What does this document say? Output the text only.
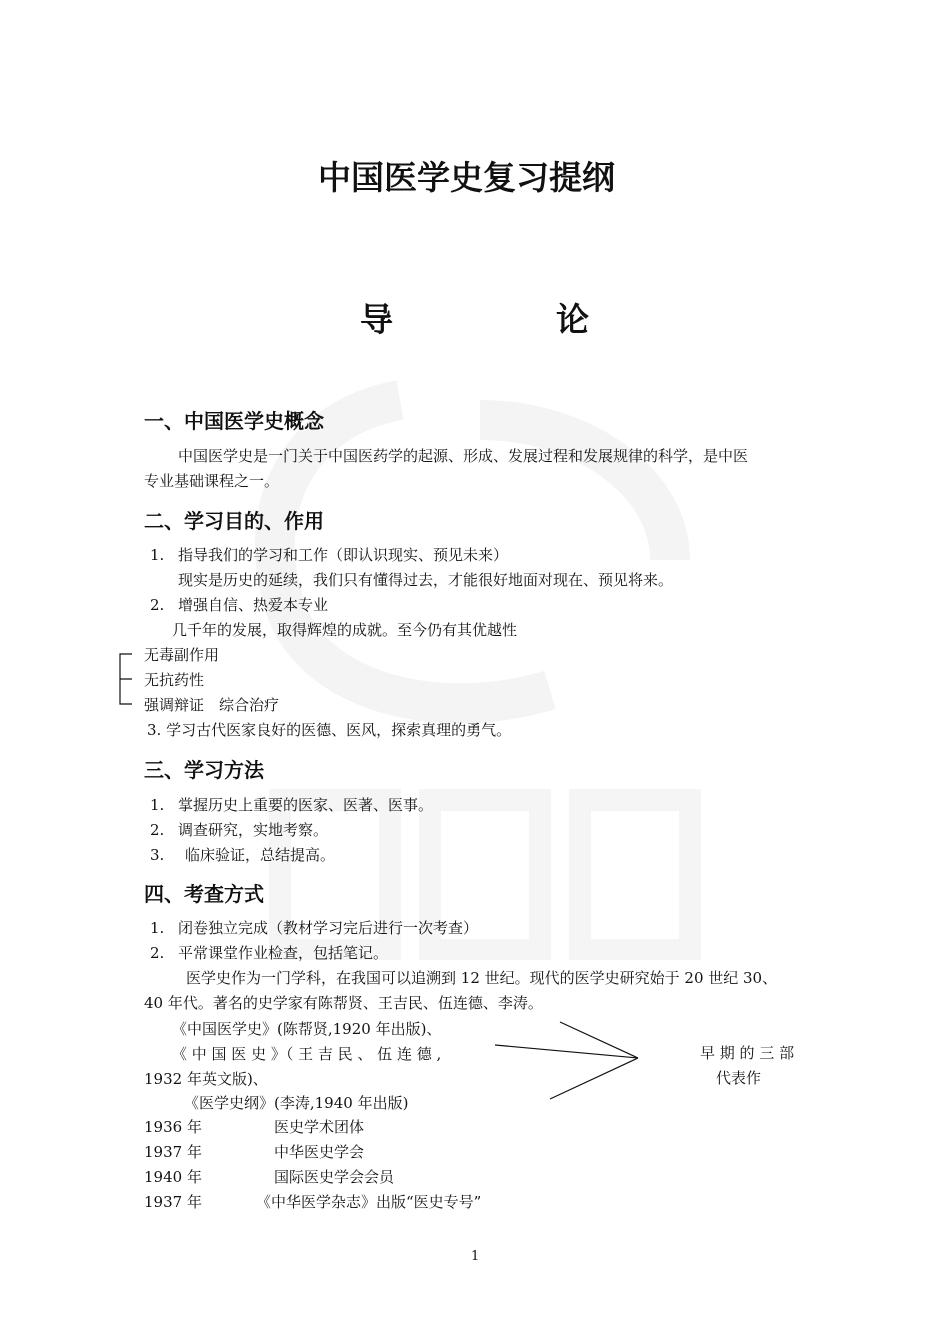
中国医学史复习提纲
导	论
一、中国医学史概念
中国医学史是一门关于中国医药学的起源、形成、发展过程和发展规律的科学，是中医
专业基础课程之一。
二、学习目的、作用
1. 指导我们的学习和工作（即认识现实、预见未来）
现实是历史的延续，我们只有懂得过去，才能很好地面对现在、预见将来。
2. 增强自信、热爱本专业
几千年的发展，取得辉煌的成就。至今仍有其优越性
无毒副作用
无抗药性
强调辩证　综合治疗
3. 学习古代医家良好的医德、医风，探索真理的勇气。
三、学习方法
1. 掌握历史上重要的医家、医著、医事。
2. 调查研究，实地考察。
3. 临床验证，总结提高。
四、考查方式
1. 闭卷独立完成（教材学习完后进行一次考查）
2. 平常课堂作业检查，包括笔记。
医学史作为一门学科，在我国可以追溯到 12 世纪。现代的医学史研究始于 20 世纪 30、
40 年代。著名的史学家有陈帮贤、王吉民、伍连德、李涛。
《中国医学史》(陈帮贤,1920 年出版)、
《 中 国 医 史 》（ 王 吉 民 、 伍 连 德 ,
1932 年英文版)、
《医学史纲》(李涛,1940 年出版)
早 期 的 三 部
代表作
1936 年	医史学术团体
1937 年	中华医史学会
1940 年	国际医史学会会员
1937 年	《中华医学杂志》出版“医史专号”
1
